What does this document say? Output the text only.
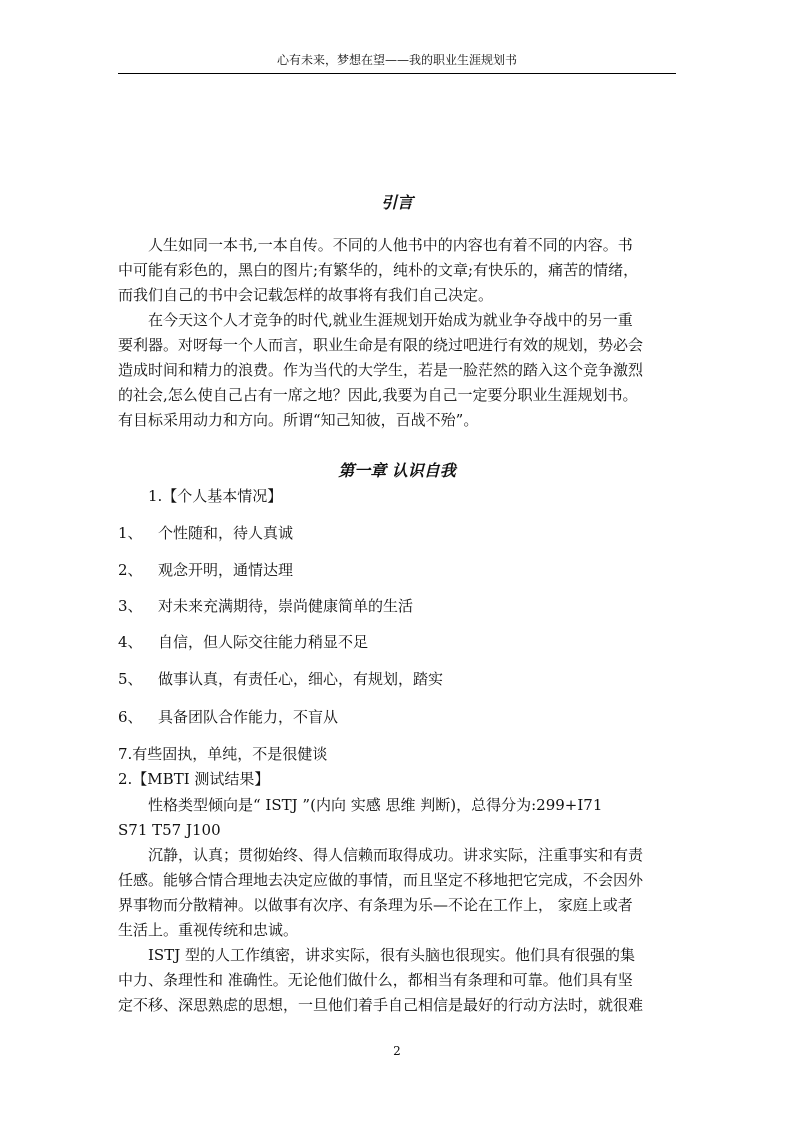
心有未来，梦想在望——我的职业生涯规划书
引言

人生如同一本书,一本自传。不同的人他书中的内容也有着不同的内容。书

中可能有彩色的，黑白的图片;有繁华的，纯朴的文章;有快乐的，痛苦的情绪，

而我们自己的书中会记载怎样的故事将有我们自己决定。

在今天这个人才竞争的时代,就业生涯规划开始成为就业争夺战中的另一重

要利器。对呀每一个人而言，职业生命是有限的绕过吧进行有效的规划，势必会

造成时间和精力的浪费。作为当代的大学生，若是一脸茫然的踏入这个竞争激烈

的社会,怎么使自己占有一席之地？因此,我要为自己一定要分职业生涯规划书。

有目标采用动力和方向。所谓“知己知彼，百战不殆”。

第一章 认识自我
1.【个人基本情况】
1、 个性随和，待人真诚
2、 观念开明，通情达理
3、 对未来充满期待，崇尚健康简单的生活
4、 自信，但人际交往能力稍显不足
5、 做事认真，有责任心，细心，有规划，踏实
6、 具备团队合作能力，不盲从
7.有些固执，单纯，不是很健谈
2.【MBTI 测试结果】

性格类型倾向是“ ISTJ ”(内向 实感 思维 判断)，总得分为:299+I71

S71 T57 J100

沉静，认真；贯彻始终、得人信赖而取得成功。讲求实际，注重事实和有责

任感。能够合情合理地去决定应做的事情，而且坚定不移地把它完成，不会因外

界事物而分散精神。以做事有次序、有条理为乐—不论在工作上， 家庭上或者

生活上。重视传统和忠诚。

ISTJ 型的人工作缜密，讲求实际，很有头脑也很现实。他们具有很强的集

中力、条理性和 准确性。无论他们做什么，都相当有条理和可靠。他们具有坚

定不移、深思熟虑的思想，一旦他们着手自己相信是最好的行动方法时，就很难

2
